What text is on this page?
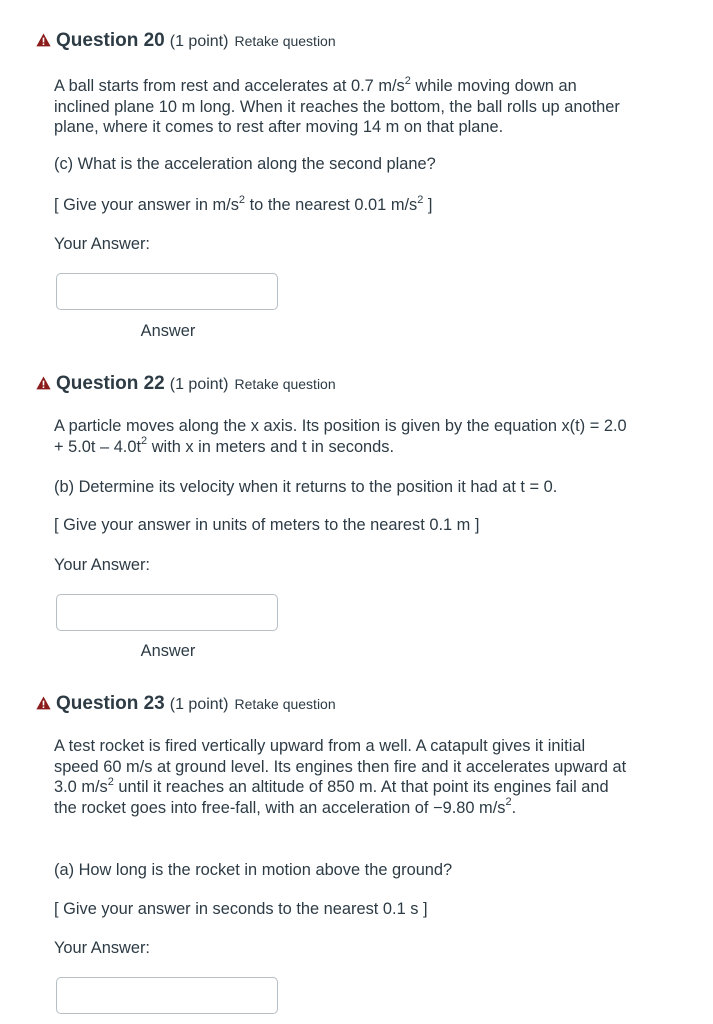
Question 20 (1 point) Retake question

A ball starts from rest and accelerates at 0.7 $m/s^2$ while moving down an inclined plane 10 m long. When it reaches the bottom, the ball rolls up another plane, where it comes to rest after moving 14 m on that plane.

(c) What is the acceleration along the second plane?

[ Give your answer in $m/s^2$ to the nearest 0.01 $m/s^2$ ]

Your Answer:

Answer
Question 22 (1 point) Retake question

A particle moves along the x axis. Its position is given by the equation $x(t) = 2.0 + 5.0t - 4.0t^2$ with x in meters and t in seconds.

(b) Determine its velocity when it returns to the position it had at t = 0.

[ Give your answer in units of meters to the nearest 0.1 m ]

Your Answer:

Answer
Question 23 (1 point) Retake question

A test rocket is fired vertically upward from a well. A catapult gives it initial speed 60 m/s at ground level. Its engines then fire and it accelerates upward at 3.0 $m/s^2$ until it reaches an altitude of 850 m. At that point its engines fail and the rocket goes into free-fall, with an acceleration of −9.80 $m/s^2$.

(a) How long is the rocket in motion above the ground?

[ Give your answer in seconds to the nearest 0.1 s ]

Your Answer:
